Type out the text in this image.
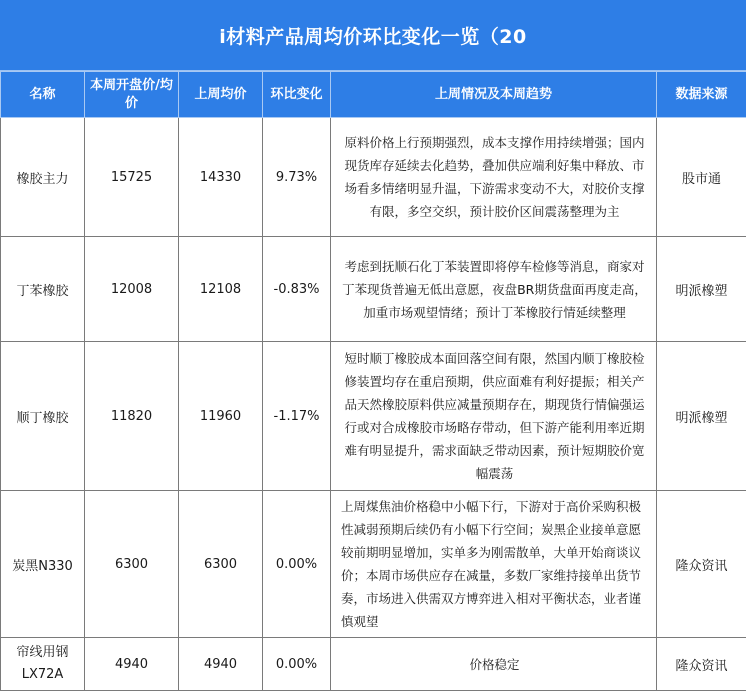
i材料产品周均价环比变化一览（20
名称	本周开盘价/均价	上周均价	环比变化	上周情况及本周趋势	数据来源
橡胶主力	15725	14330	9.73%	原料价格上行预期强烈，成本支撑作用持续增强；国内现货库存延续去化趋势，叠加供应端利好集中释放、市场看多情绪明显升温，下游需求变动不大，对胶价支撑有限，多空交织，预计胶价区间震荡整理为主	股市通
丁苯橡胶	12008	12108	-0.83%	考虑到抚顺石化丁苯装置即将停车检修等消息，商家对丁苯现货普遍无低出意愿，夜盘BR期货盘面再度走高，加重市场观望情绪；预计丁苯橡胶行情延续整理	明派橡塑
顺丁橡胶	11820	11960	-1.17%	短时顺丁橡胶成本面回落空间有限，然国内顺丁橡胶检修装置均存在重启预期，供应面难有利好提振；相关产品天然橡胶原料供应减量预期存在，期现货行情偏强运行或对合成橡胶市场略存带动，但下游产能利用率近期难有明显提升，需求面缺乏带动因素，预计短期胶价宽幅震荡	明派橡塑
炭黑N330	6300	6300	0.00%	上周煤焦油价格稳中小幅下行，下游对于高价采购积极性减弱预期后续仍有小幅下行空间；炭黑企业接单意愿较前期明显增加，实单多为刚需散单，大单开始商谈议价；本周市场供应存在减量，多数厂家维持接单出货节奏，市场进入供需双方博弈进入相对平衡状态，业者谨慎观望	隆众资讯
帘线用钢LX72A	4940	4940	0.00%	价格稳定	隆众资讯
